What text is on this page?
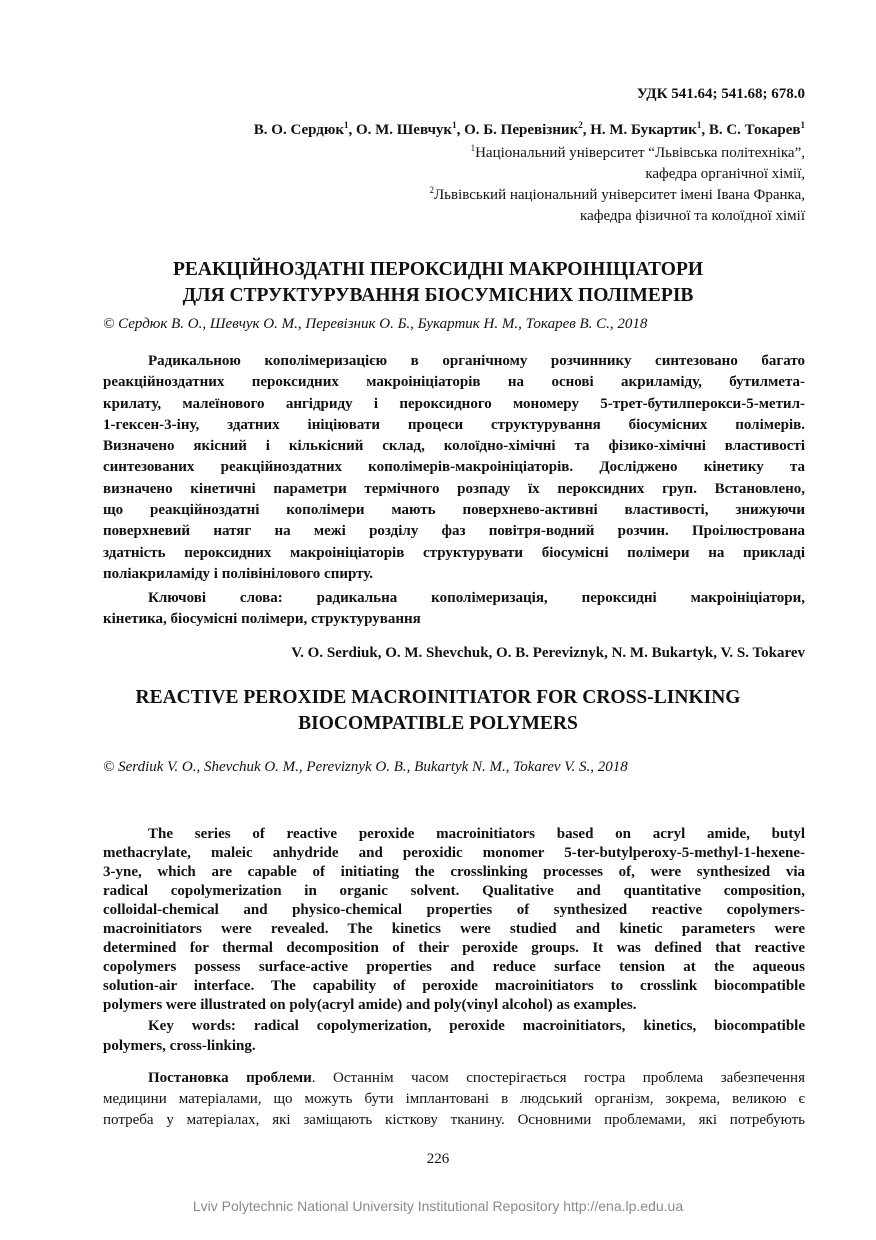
УДК 541.64; 541.68; 678.0
В. О. Сердюк$^1$, О. М. Шевчук$^1$, О. Б. Перевізник$^2$, Н. М. Букартик$^1$, В. С. Токарев$^1$
$^1$Національний університет “Львівська політехніка”,
кафедра органічної хімії,
$^2$Львівський національний університет імені Івана Франка,
кафедра фізичної та колоїдної хімії
РЕАКЦІЙНОЗДАТНІ ПЕРОКСИДНІ МАКРОІНІЦІАТОРИ
ДЛЯ СТРУКТУРУВАННЯ БІОСУМІСНИХ ПОЛІМЕРІВ
© Сердюк В. О., Шевчук О. М., Перевізник О. Б., Букартик Н. М., Токарев В. С., 2018
Радикальною кополімеризацією в органічному розчиннику синтезовано багато
реакційноздатних пероксидних макроініціаторів на основі акриламіду, бутилмета-
крилату, малеїнового ангідриду і пероксидного мономеру 5-трет-бутилперокси-5-метил-
1-гексен-3-іну, здатних ініціювати процеси структурування біосумісних полімерів.
Визначено якісний і кількісний склад, колоїдно-хімічні та фізико-хімічні властивості
синтезованих реакційноздатних кополімерів-макроініціаторів. Досліджено кінетику та
визначено кінетичні параметри термічного розпаду їх пероксидних груп. Встановлено,
що реакційноздатні кополімери мають поверхнево-активні властивості, знижуючи
поверхневий натяг на межі розділу фаз повітря-водний розчин. Проілюстрована
здатність пероксидних макроініціаторів структурувати біосумісні полімери на прикладі
поліакриламіду і полівінілового спирту.
Ключові слова: радикальна кополімеризація, пероксидні макроініціатори,
кінетика, біосумісні полімери, структурування
V. O. Serdiuk, O. M. Shevchuk, O. B. Pereviznyk, N. M. Bukartyk, V. S. Tokarev
REACTIVE PEROXIDE MACROINITIATOR FOR CROSS-LINKING
BIOCOMPATIBLE POLYMERS
© Serdiuk V. O., Shevchuk O. M., Pereviznyk O. B., Bukartyk N. M., Tokarev V. S., 2018
The series of reactive peroxide macroinitiators based on acryl amide, butyl
methacrylate, maleic anhydride and peroxidic monomer 5-ter-butylperoxy-5-methyl-1-hexene-
3-yne, which are capable of initiating the crosslinking processes of, were synthesized via
radical copolymerization in organic solvent. Qualitative and quantitative composition,
colloidal-chemical and physico-chemical properties of synthesized reactive copolymers-
macroinitiators were revealed. The kinetics were studied and kinetic parameters were
determined for thermal decomposition of their peroxide groups. It was defined that reactive
copolymers possess surface-active properties and reduce surface tension at the aqueous
solution-air interface. The capability of peroxide macroinitiators to crosslink biocompatible
polymers were illustrated on poly(acryl amide) and poly(vinyl alcohol) as examples.
Key words: radical copolymerization, peroxide macroinitiators, kinetics, biocompatible
polymers, cross-linking.
Постановка проблеми. Останнім часом спостерігається гостра проблема забезпечення
медицини матеріалами, що можуть бути імплантовані в людський організм, зокрема, великою є
потреба у матеріалах, які заміщають кісткову тканину. Основними проблемами, які потребують
226
Lviv Polytechnic National University Institutional Repository http://ena.lp.edu.ua
